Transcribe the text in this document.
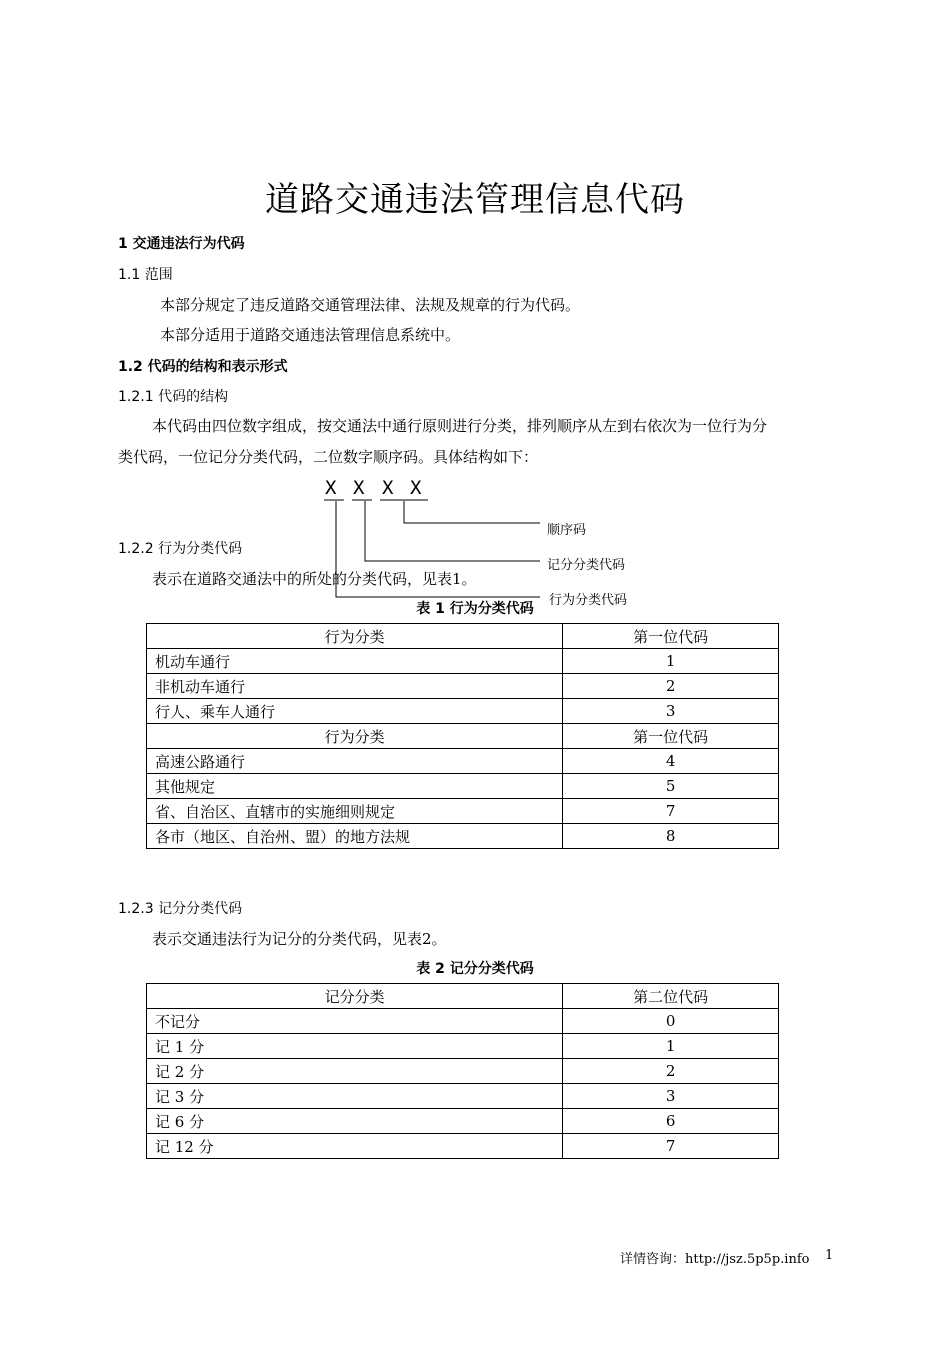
道路交通违法管理信息代码
1 交通违法行为代码
1.1 范围
本部分规定了违反道路交通管理法律、法规及规章的行为代码。
本部分适用于道路交通违法管理信息系统中。
1.2 代码的结构和表示形式
1.2.1 代码的结构
本代码由四位数字组成，按交通法中通行原则进行分类，排列顺序从左到右依次为一位行为分
类代码，一位记分分类代码，二位数字顺序码。具体结构如下：
X X X X
顺序码
记分分类代码
行为分类代码
1.2.2 行为分类代码
表示在道路交通法中的所处的分类代码，见表1。
表 1 行为分类代码
行为分类	第一位代码
机动车通行	1
非机动车通行	2
行人、乘车人通行	3
行为分类	第一位代码
高速公路通行	4
其他规定	5
省、自治区、直辖市的实施细则规定	7
各市（地区、自治州、盟）的地方法规	8
1.2.3 记分分类代码
表示交通违法行为记分的分类代码，见表2。
表 2 记分分类代码
记分分类	第二位代码
不记分	0
记 1 分	1
记 2 分	2
记 3 分	3
记 6 分	6
记 12 分	7
详情咨询：http://jsz.5p5p.info 1
